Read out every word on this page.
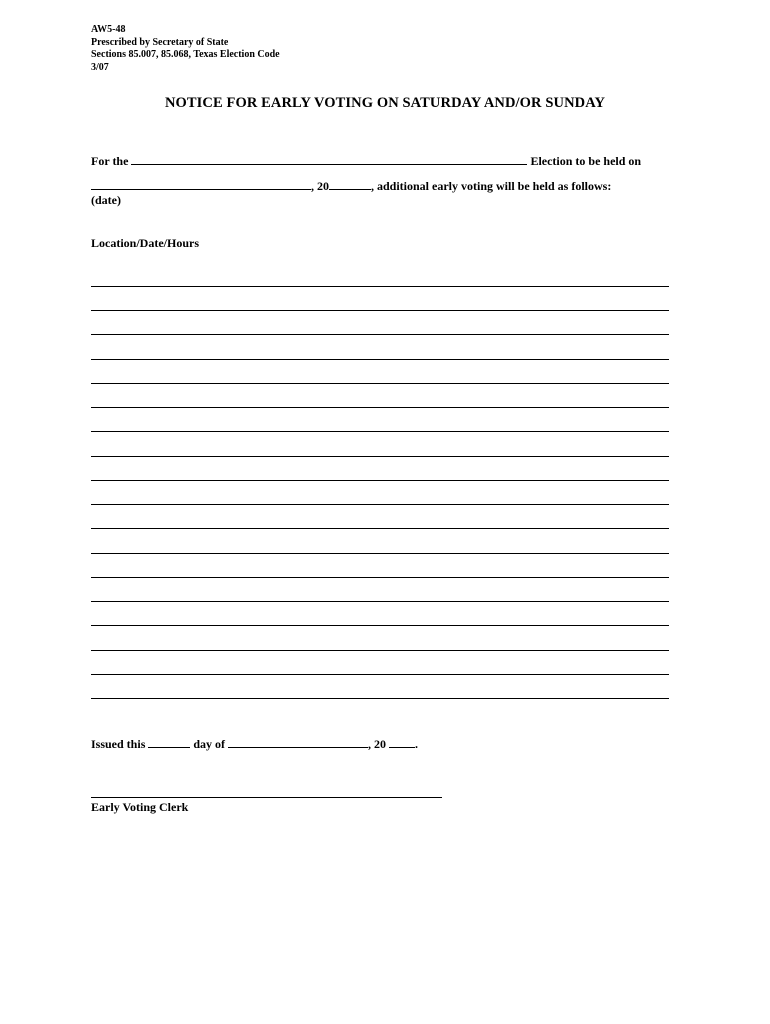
AW5-48
Prescribed by Secretary of State
Sections 85.007, 85.068, Texas Election Code
3/07
NOTICE FOR EARLY VOTING ON SATURDAY AND/OR SUNDAY
For the	Election to be held on
, 20	, additional early voting will be held as follows:
(date)
Location/Date/Hours
Issued this	day of	, 20 .
Early Voting Clerk
